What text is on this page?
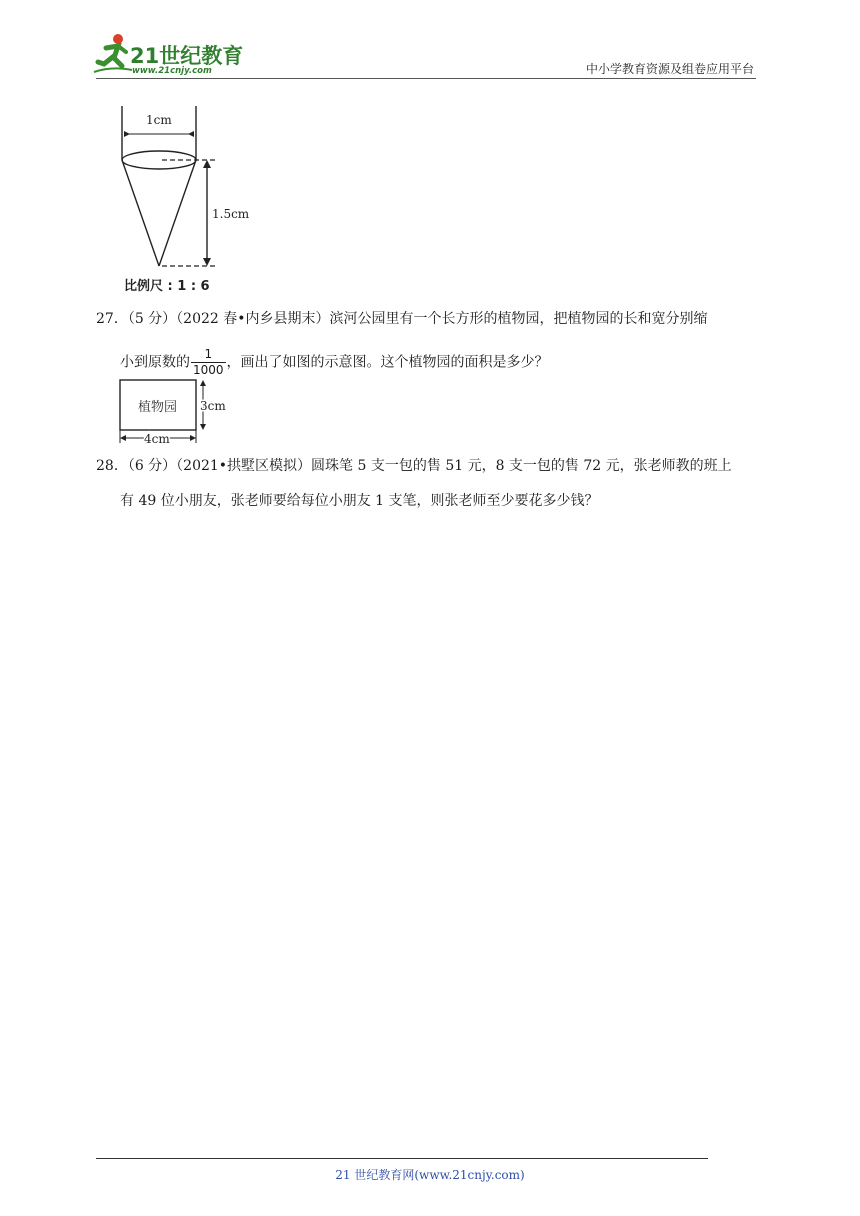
21世纪教育
www.21cnjy.com	中小学教育资源及组卷应用平台
1cm
1.5cm
比例尺 : 1 : 6
27．（5 分）（2022 春•内乡县期末）滨河公园里有一个长方形的植物园，把植物园的长和宽分别缩
小到原数的 $\frac{1}{1000}$ ，画出了如图的示意图。这个植物园的面积是多少？
植物园 3cm
4cm
28．（6 分）（2021•拱墅区模拟）圆珠笔 5 支一包的售 51 元，8 支一包的售 72 元，张老师教的班上
有 49 位小朋友，张老师要给每位小朋友 1 支笔，则张老师至少要花多少钱？
21 世纪教育网(www.21cnjy.com)
